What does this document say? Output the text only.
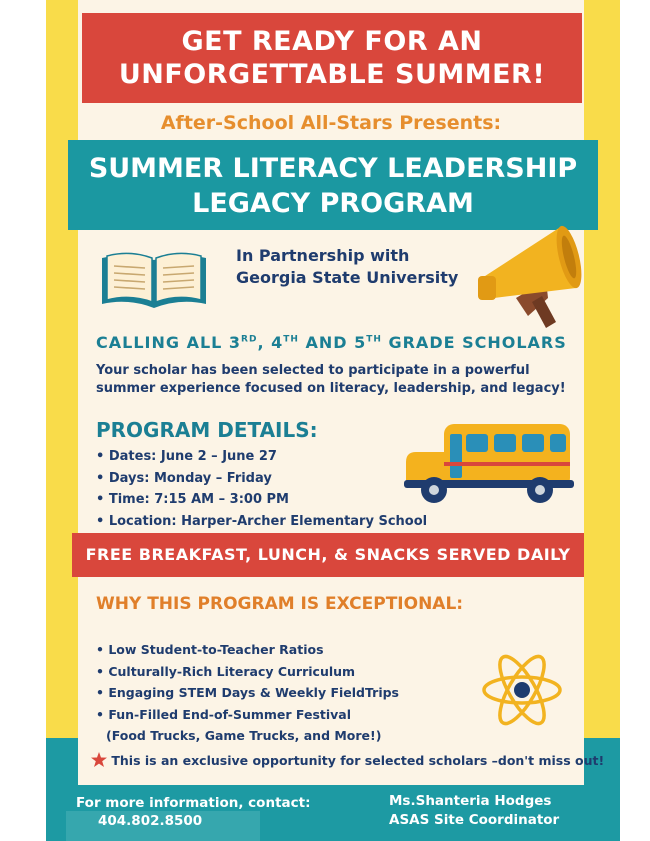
GET READY FOR AN
UNFORGETTABLE SUMMER!
After-School All-Stars Presents:
SUMMER LITERACY LEADERSHIP
LEGACY PROGRAM
In Partnership with
Georgia State University
CALLING ALL 3RD, 4TH AND 5TH GRADE SCHOLARS
Your scholar has been selected to participate in a powerful
summer experience focused on literacy, leadership, and legacy!
PROGRAM DETAILS:
• Dates: June 2 – June 27
• Days: Monday – Friday
• Time: 7:15 AM – 3:00 PM
• Location: Harper-Archer Elementary School
FREE BREAKFAST, LUNCH, & SNACKS SERVED DAILY
WHY THIS PROGRAM IS EXCEPTIONAL:
• Low Student-to-Teacher Ratios
• Culturally-Rich Literacy Curriculum
• Engaging STEM Days & Weekly FieldTrips
• Fun-Filled End-of-Summer Festival
(Food Trucks, Game Trucks, and More!)
This is an exclusive opportunity for selected scholars –don't miss out!
For more information, contact:
404.802.8500
Ms.Shanteria Hodges
ASAS Site Coordinator
